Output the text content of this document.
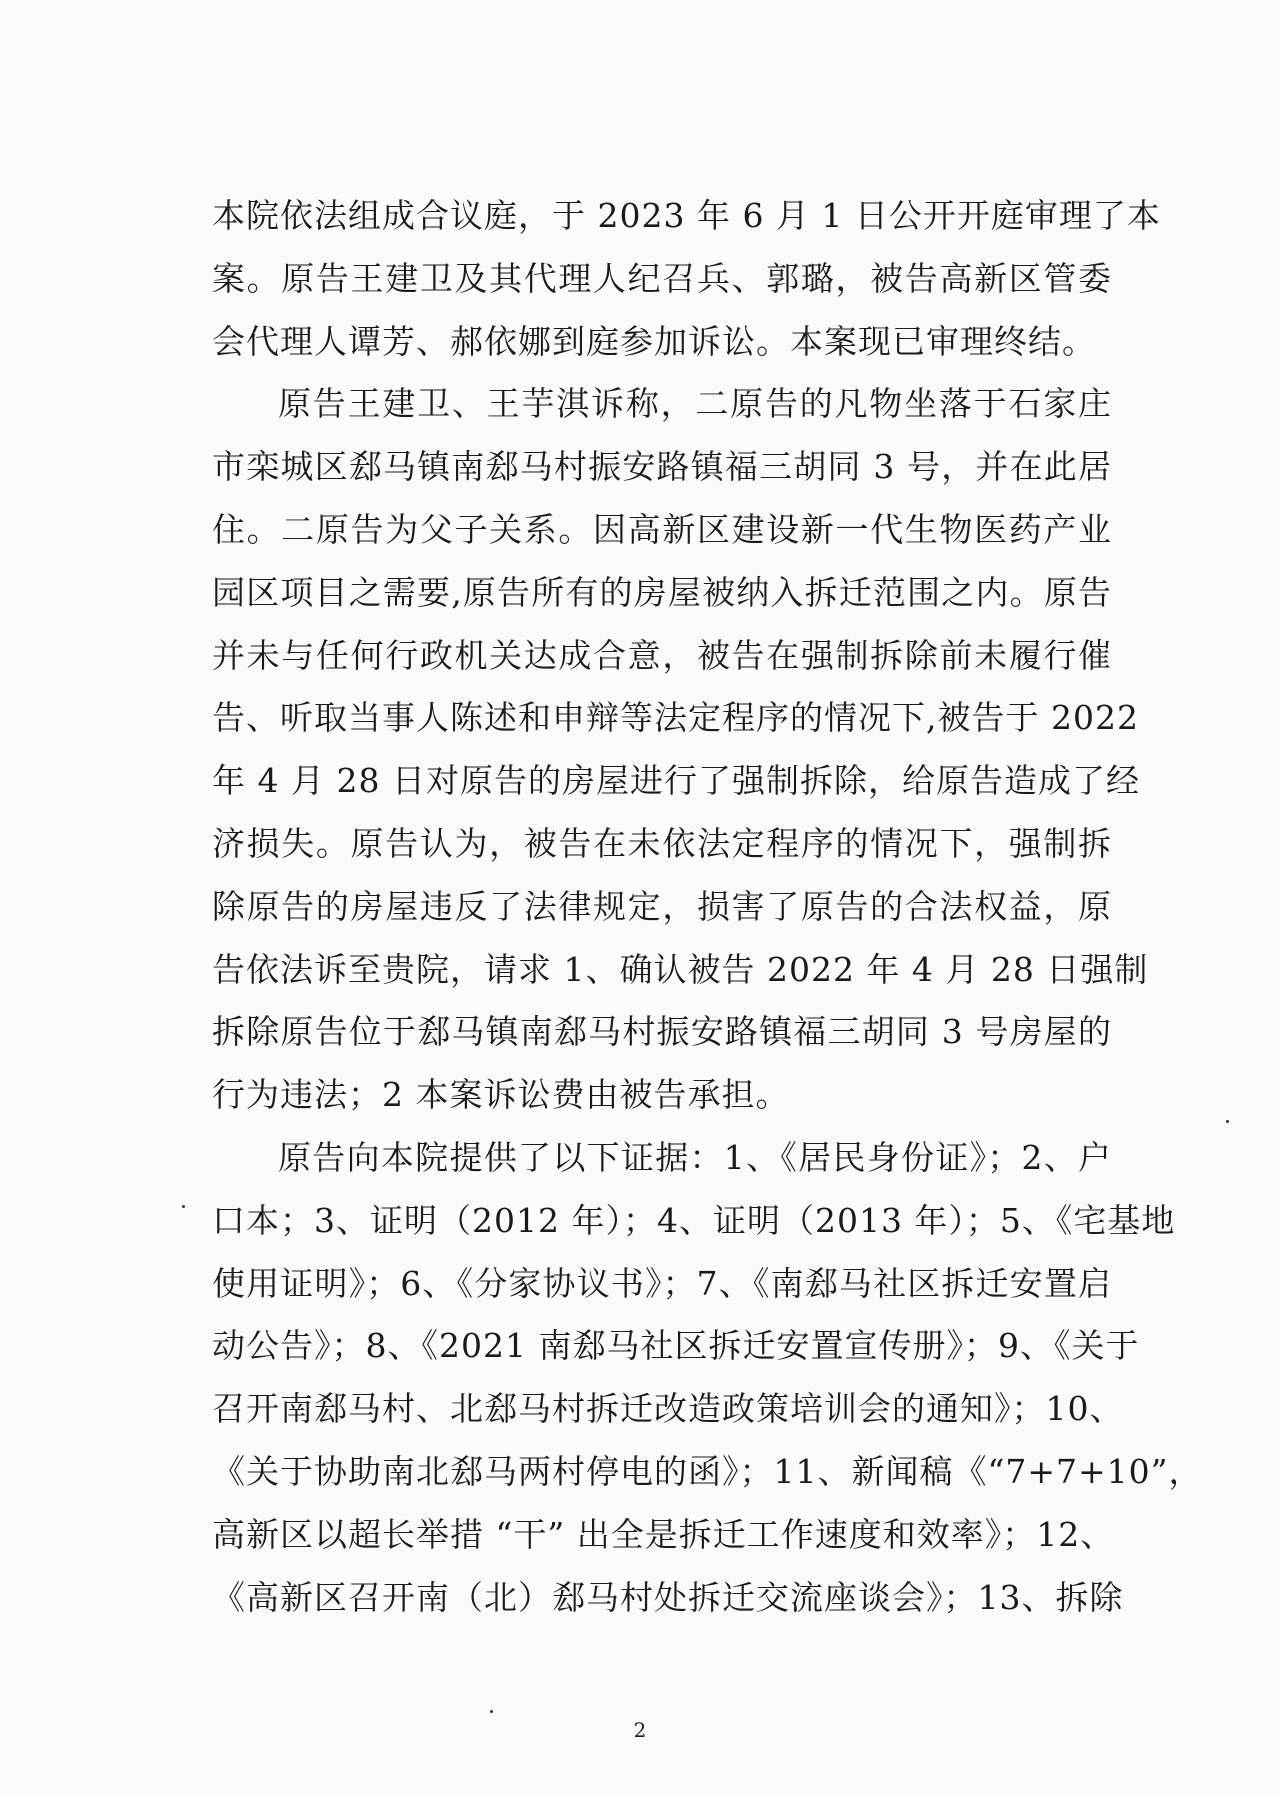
本院依法组成合议庭，于 2023 年 6 月 1 日公开开庭审理了本
案。原告王建卫及其代理人纪召兵、郭璐，被告高新区管委
会代理人谭芳、郝依娜到庭参加诉讼。本案现已审理终结。
原告王建卫、王芋淇诉称，二原告的凡物坐落于石家庄
市栾城区郄马镇南郄马村振安路镇福三胡同 3 号，并在此居
住。二原告为父子关系。因高新区建设新一代生物医药产业
园区项目之需要,原告所有的房屋被纳入拆迁范围之内。原告
并未与任何行政机关达成合意，被告在强制拆除前未履行催
告、听取当事人陈述和申辩等法定程序的情况下,被告于 2022
年 4 月 28 日对原告的房屋进行了强制拆除，给原告造成了经
济损失。原告认为，被告在未依法定程序的情况下，强制拆
除原告的房屋违反了法律规定，损害了原告的合法权益，原
告依法诉至贵院，请求 1、确认被告 2022 年 4 月 28 日强制
拆除原告位于郄马镇南郄马村振安路镇福三胡同 3 号房屋的
行为违法；2 本案诉讼费由被告承担。
原告向本院提供了以下证据：1、《居民身份证》；2、户
口本；3、证明（2012 年）；4、证明（2013 年）；5、《宅基地
使用证明》；6、《分家协议书》；7、《南郄马社区拆迁安置启
动公告》；8、《2021 南郄马社区拆迁安置宣传册》；9、《关于
召开南郄马村、北郄马村拆迁改造政策培训会的通知》；10、
《关于协助南北郄马两村停电的函》；11、新闻稿《“7+7+10”，
高新区以超长举措 “干” 出全是拆迁工作速度和效率》；12、
《高新区召开南（北）郄马村处拆迁交流座谈会》；13、拆除
2
